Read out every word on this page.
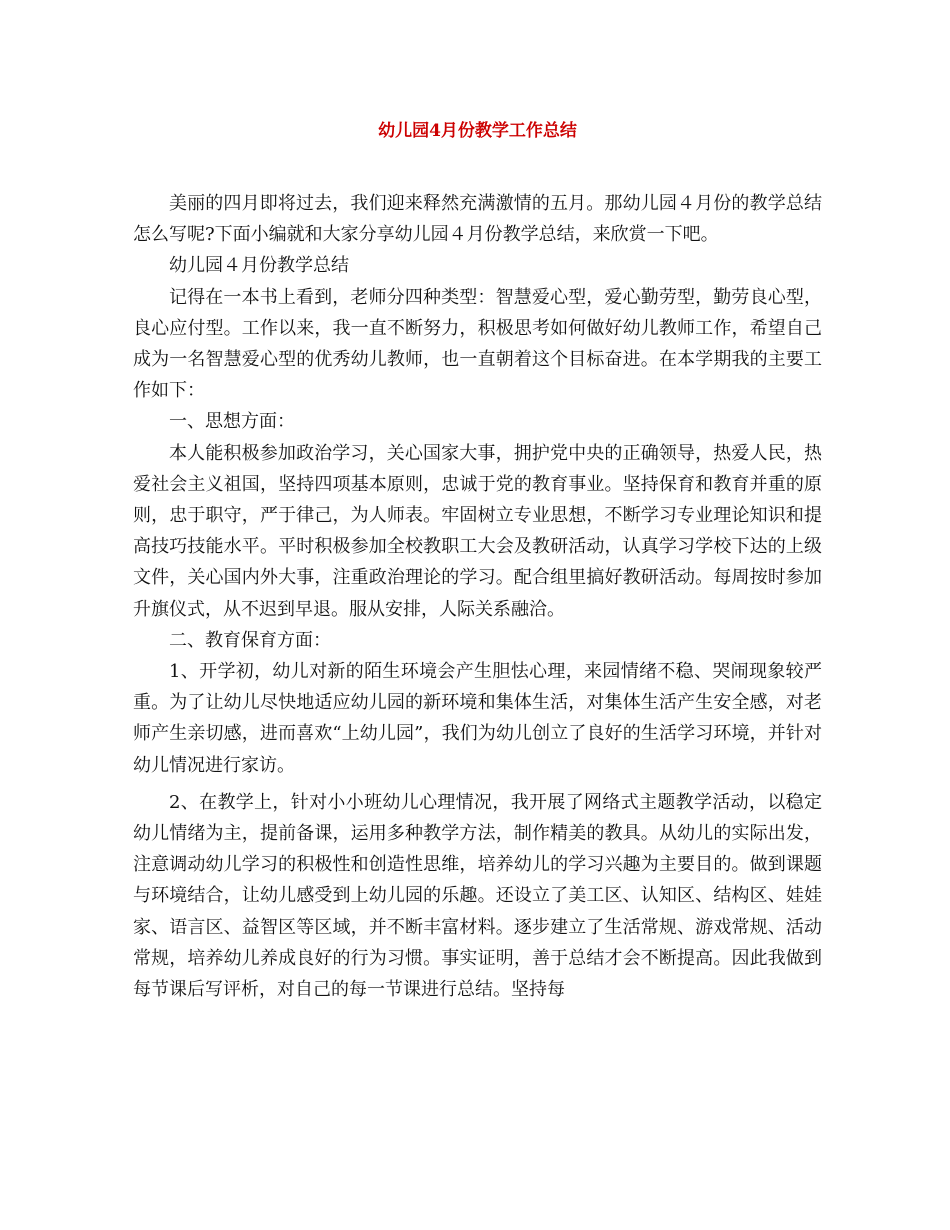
幼儿园4月份教学工作总结

美丽的四月即将过去，我们迎来释然充满激情的五月。那幼儿园４月份的教学总结怎么写呢?下面小编就和大家分享幼儿园４月份教学总结，来欣赏一下吧。

幼儿园４月份教学总结

记得在一本书上看到，老师分四种类型：智慧爱心型，爱心勤劳型，勤劳良心型，良心应付型。工作以来，我一直不断努力，积极思考如何做好幼儿教师工作，希望自己成为一名智慧爱心型的优秀幼儿教师，也一直朝着这个目标奋进。在本学期我的主要工作如下：

一、思想方面：

本人能积极参加政治学习，关心国家大事，拥护党中央的正确领导，热爱人民，热爱社会主义祖国，坚持四项基本原则，忠诚于党的教育事业。坚持保育和教育并重的原则，忠于职守，严于律己，为人师表。牢固树立专业思想，不断学习专业理论知识和提高技巧技能水平。平时积极参加全校教职工大会及教研活动，认真学习学校下达的上级文件，关心国内外大事，注重政治理论的学习。配合组里搞好教研活动。每周按时参加升旗仪式，从不迟到早退。服从安排，人际关系融洽。

二、教育保育方面：

1、开学初，幼儿对新的陌生环境会产生胆怯心理，来园情绪不稳、哭闹现象较严重。为了让幼儿尽快地适应幼儿园的新环境和集体生活，对集体生活产生安全感，对老师产生亲切感，进而喜欢“上幼儿园”，我们为幼儿创立了良好的生活学习环境，并针对幼儿情况进行家访。

2、在教学上，针对小小班幼儿心理情况，我开展了网络式主题教学活动，以稳定幼儿情绪为主，提前备课，运用多种教学方法，制作精美的教具。从幼儿的实际出发，注意调动幼儿学习的积极性和创造性思维，培养幼儿的学习兴趣为主要目的。做到课题与环境结合，让幼儿感受到上幼儿园的乐趣。还设立了美工区、认知区、结构区、娃娃家、语言区、益智区等区域，并不断丰富材料。逐步建立了生活常规、游戏常规、活动常规，培养幼儿养成良好的行为习惯。事实证明，善于总结才会不断提高。因此我做到每节课后写评析，对自己的每一节课进行总结。坚持每
